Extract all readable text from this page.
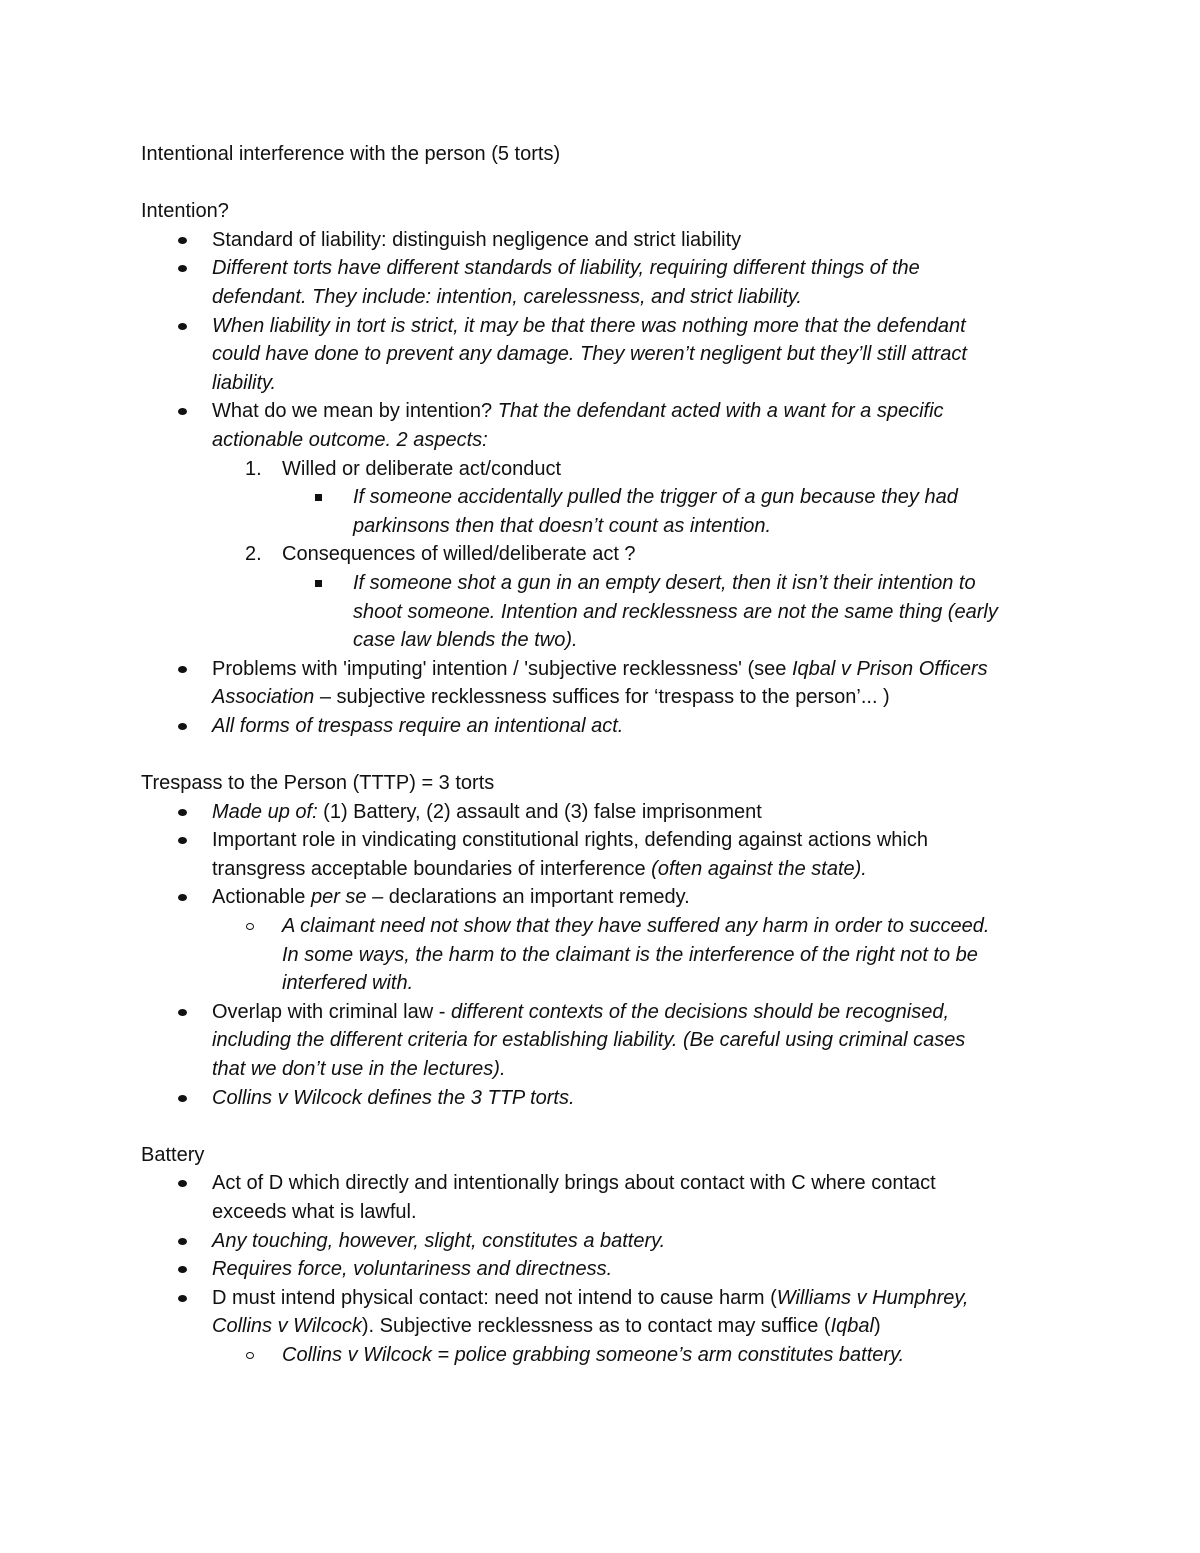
Intentional interference with the person (5 torts)
Intention?
Standard of liability: distinguish negligence and strict liability
Different torts have different standards of liability, requiring different things of the
defendant. They include: intention, carelessness, and strict liability.
When liability in tort is strict, it may be that there was nothing more that the defendant
could have done to prevent any damage. They weren’t negligent but they’ll still attract
liability.
What do we mean by intention? That the defendant acted with a want for a specific
actionable outcome. 2 aspects:
1. Willed or deliberate act/conduct
If someone accidentally pulled the trigger of a gun because they had
parkinsons then that doesn’t count as intention.
2. Consequences of willed/deliberate act ?
If someone shot a gun in an empty desert, then it isn’t their intention to
shoot someone. Intention and recklessness are not the same thing (early
case law blends the two).
Problems with 'imputing' intention / 'subjective recklessness' (see Iqbal v Prison Officers
Association – subjective recklessness suffices for ‘trespass to the person’... )
All forms of trespass require an intentional act.
Trespass to the Person (TTTP) = 3 torts
Made up of: (1) Battery, (2) assault and (3) false imprisonment
Important role in vindicating constitutional rights, defending against actions which
transgress acceptable boundaries of interference (often against the state).
Actionable per se – declarations an important remedy.
A claimant need not show that they have suffered any harm in order to succeed.
In some ways, the harm to the claimant is the interference of the right not to be
interfered with.
Overlap with criminal law - different contexts of the decisions should be recognised,
including the different criteria for establishing liability. (Be careful using criminal cases
that we don’t use in the lectures).
Collins v Wilcock defines the 3 TTP torts.
Battery
Act of D which directly and intentionally brings about contact with C where contact
exceeds what is lawful.
Any touching, however, slight, constitutes a battery.
Requires force, voluntariness and directness.
D must intend physical contact: need not intend to cause harm (Williams v Humphrey,
Collins v Wilcock). Subjective recklessness as to contact may suffice (Iqbal)
Collins v Wilcock = police grabbing someone’s arm constitutes battery.
